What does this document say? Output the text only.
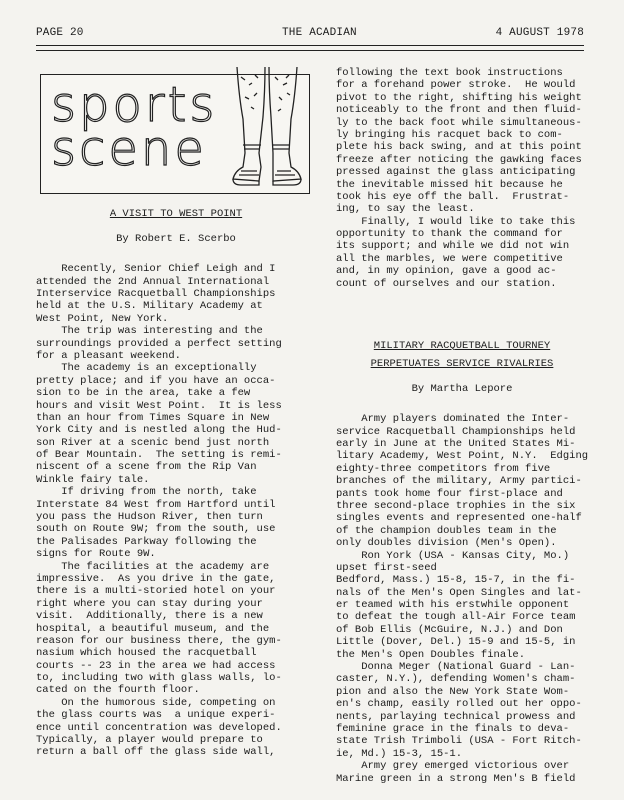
PAGE 20	THE ACADIAN	4 AUGUST 1978
sports
scene
A VISIT TO WEST POINT
By Robert E. Scerbo
Recently, Senior Chief Leigh and I
attended the 2nd Annual International
Interservice Racquetball Championships
held at the U.S. Military Academy at
West Point, New York.
The trip was interesting and the
surroundings provided a perfect setting
for a pleasant weekend.
The academy is an exceptionally
pretty place; and if you have an occa-
sion to be in the area, take a few
hours and visit West Point.  It is less
than an hour from Times Square in New
York City and is nestled along the Hud-
son River at a scenic bend just north
of Bear Mountain.  The setting is remi-
niscent of a scene from the Rip Van
Winkle fairy tale.
If driving from the north, take
Interstate 84 West from Hartford until
you pass the Hudson River, then turn
south on Route 9W; from the south, use
the Palisades Parkway following the
signs for Route 9W.
The facilities at the academy are
impressive.  As you drive in the gate,
there is a multi-storied hotel on your
right where you can stay during your
visit.  Additionally, there is a new
hospital, a beautiful museum, and the
reason for our business there, the gym-
nasium which housed the racquetball
courts -- 23 in the area we had access
to, including two with glass walls, lo-
cated on the fourth floor.
On the humorous side, competing on
the glass courts was  a unique experi-
ence until concentration was developed.
Typically, a player would prepare to
return a ball off the glass side wall,
following the text book instructions
for a forehand power stroke.  He would
pivot to the right, shifting his weight
noticeably to the front and then fluid-
ly to the back foot while simultaneous-
ly bringing his racquet back to com-
plete his back swing, and at this point
freeze after noticing the gawking faces
pressed against the glass anticipating
the inevitable missed hit because he
took his eye off the ball.  Frustrat-
ing, to say the least.
Finally, I would like to take this
opportunity to thank the command for
its support; and while we did not win
all the marbles, we were competitive
and, in my opinion, gave a good ac-
count of ourselves and our station.
MILITARY RACQUETBALL TOURNEY
PERPETUATES SERVICE RIVALRIES
By Martha Lepore
Army players dominated the Inter-
service Racquetball Championships held
early in June at the United States Mi-
litary Academy, West Point, N.Y.  Edging
eighty-three competitors from five
branches of the military, Army partici-
pants took home four first-place and
three second-place trophies in the six
singles events and represented one-half
of the champion doubles team in the
only doubles division (Men's Open).
Ron York (USA - Kansas City, Mo.)
upset first-seed
Bedford, Mass.) 15-8, 15-7, in the fi-
nals of the Men's Open Singles and lat-
er teamed with his erstwhile opponent
to defeat the tough all-Air Force team
of Bob Ellis (McGuire, N.J.) and Don
Little (Dover, Del.) 15-9 and 15-5, in
the Men's Open Doubles finale.
Donna Meger (National Guard - Lan-
caster, N.Y.), defending Women's cham-
pion and also the New York State Wom-
en's champ, easily rolled out her oppo-
nents, parlaying technical prowess and
feminine grace in the finals to deva-
state Trish Trimboli (USA - Fort Ritch-
ie, Md.) 15-3, 15-1.
Army grey emerged victorious over
Marine green in a strong Men's B field
